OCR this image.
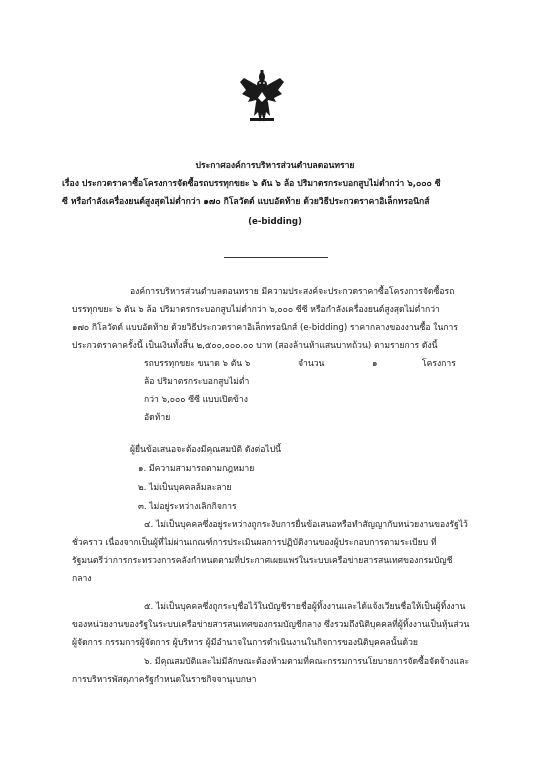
ประกาศองค์การบริหารส่วนตำบลดอนทราย
เรื่อง ประกวดราคาซื้อโครงการจัดซื้อรถบรรทุกขยะ ๖ ตัน ๖ ล้อ ปริมาตรกระบอกสูบไม่ต่ำกว่า ๖,๐๐๐ ซี
ซี หรือกำลังเครื่องยนต์สูงสุดไม่ต่ำกว่า ๑๗๐ กิโลวัตต์ แบบอัดท้าย ด้วยวิธีประกวดราคาอิเล็กทรอนิกส์
(e-bidding)
องค์การบริหารส่วนตำบลดอนทราย มีความประสงค์จะประกวดราคาซื้อโครงการจัดซื้อรถ
บรรทุกขยะ ๖ ตัน ๖ ล้อ ปริมาตรกระบอกสูบไม่ต่ำกว่า ๖,๐๐๐ ซีซี หรือกำลังเครื่องยนต์สูงสุดไม่ต่ำกว่า
๑๗๐ กิโลวัตต์ แบบอัดท้าย ด้วยวิธีประกวดราคาอิเล็กทรอนิกส์ (e-bidding) ราคากลางของงานซื้อ ในการ
ประกวดราคาครั้งนี้ เป็นเงินทั้งสิ้น ๒,๕๐๐,๐๐๐.๐๐ บาท (สองล้านห้าแสนบาทถ้วน) ตามรายการ ดังนี้
รถบรรทุกขยะ ขนาด ๖ ตัน ๖
ล้อ ปริมาตรกระบอกสูบไม่ต่ำ
กว่า ๖,๐๐๐ ซีซี แบบเปิดข้าง
อัดท้าย
จำนวน	๑	โครงการ
ผู้ยื่นข้อเสนอจะต้องมีคุณสมบัติ ดังต่อไปนี้
๑. มีความสามารถตามกฎหมาย
๒. ไม่เป็นบุคคลล้มละลาย
๓. ไม่อยู่ระหว่างเลิกกิจการ
๔. ไม่เป็นบุคคลซึ่งอยู่ระหว่างถูกระงับการยื่นข้อเสนอหรือทำสัญญากับหน่วยงานของรัฐไว้
ชั่วคราว เนื่องจากเป็นผู้ที่ไม่ผ่านเกณฑ์การประเมินผลการปฏิบัติงานของผู้ประกอบการตามระเบียบ ที่
รัฐมนตรีว่าการกระทรวงการคลังกำหนดตามที่ประกาศเผยแพร่ในระบบเครือข่ายสารสนเทศของกรมบัญชี
กลาง
๕. ไม่เป็นบุคคลซึ่งถูกระบุชื่อไว้ในบัญชีรายชื่อผู้ทิ้งงานและได้แจ้งเวียนชื่อให้เป็นผู้ทิ้งงาน
ของหน่วยงานของรัฐในระบบเครือข่ายสารสนเทศของกรมบัญชีกลาง ซึ่งรวมถึงนิติบุคคลที่ผู้ทิ้งงานเป็นหุ้นส่วน
ผู้จัดการ กรรมการผู้จัดการ ผู้บริหาร ผู้มีอำนาจในการดำเนินงานในกิจการของนิติบุคคลนั้นด้วย
๖. มีคุณสมบัติและไม่มีลักษณะต้องห้ามตามที่คณะกรรมการนโยบายการจัดซื้อจัดจ้างและ
การบริหารพัสดุภาครัฐกำหนดในราชกิจจานุเบกษา
